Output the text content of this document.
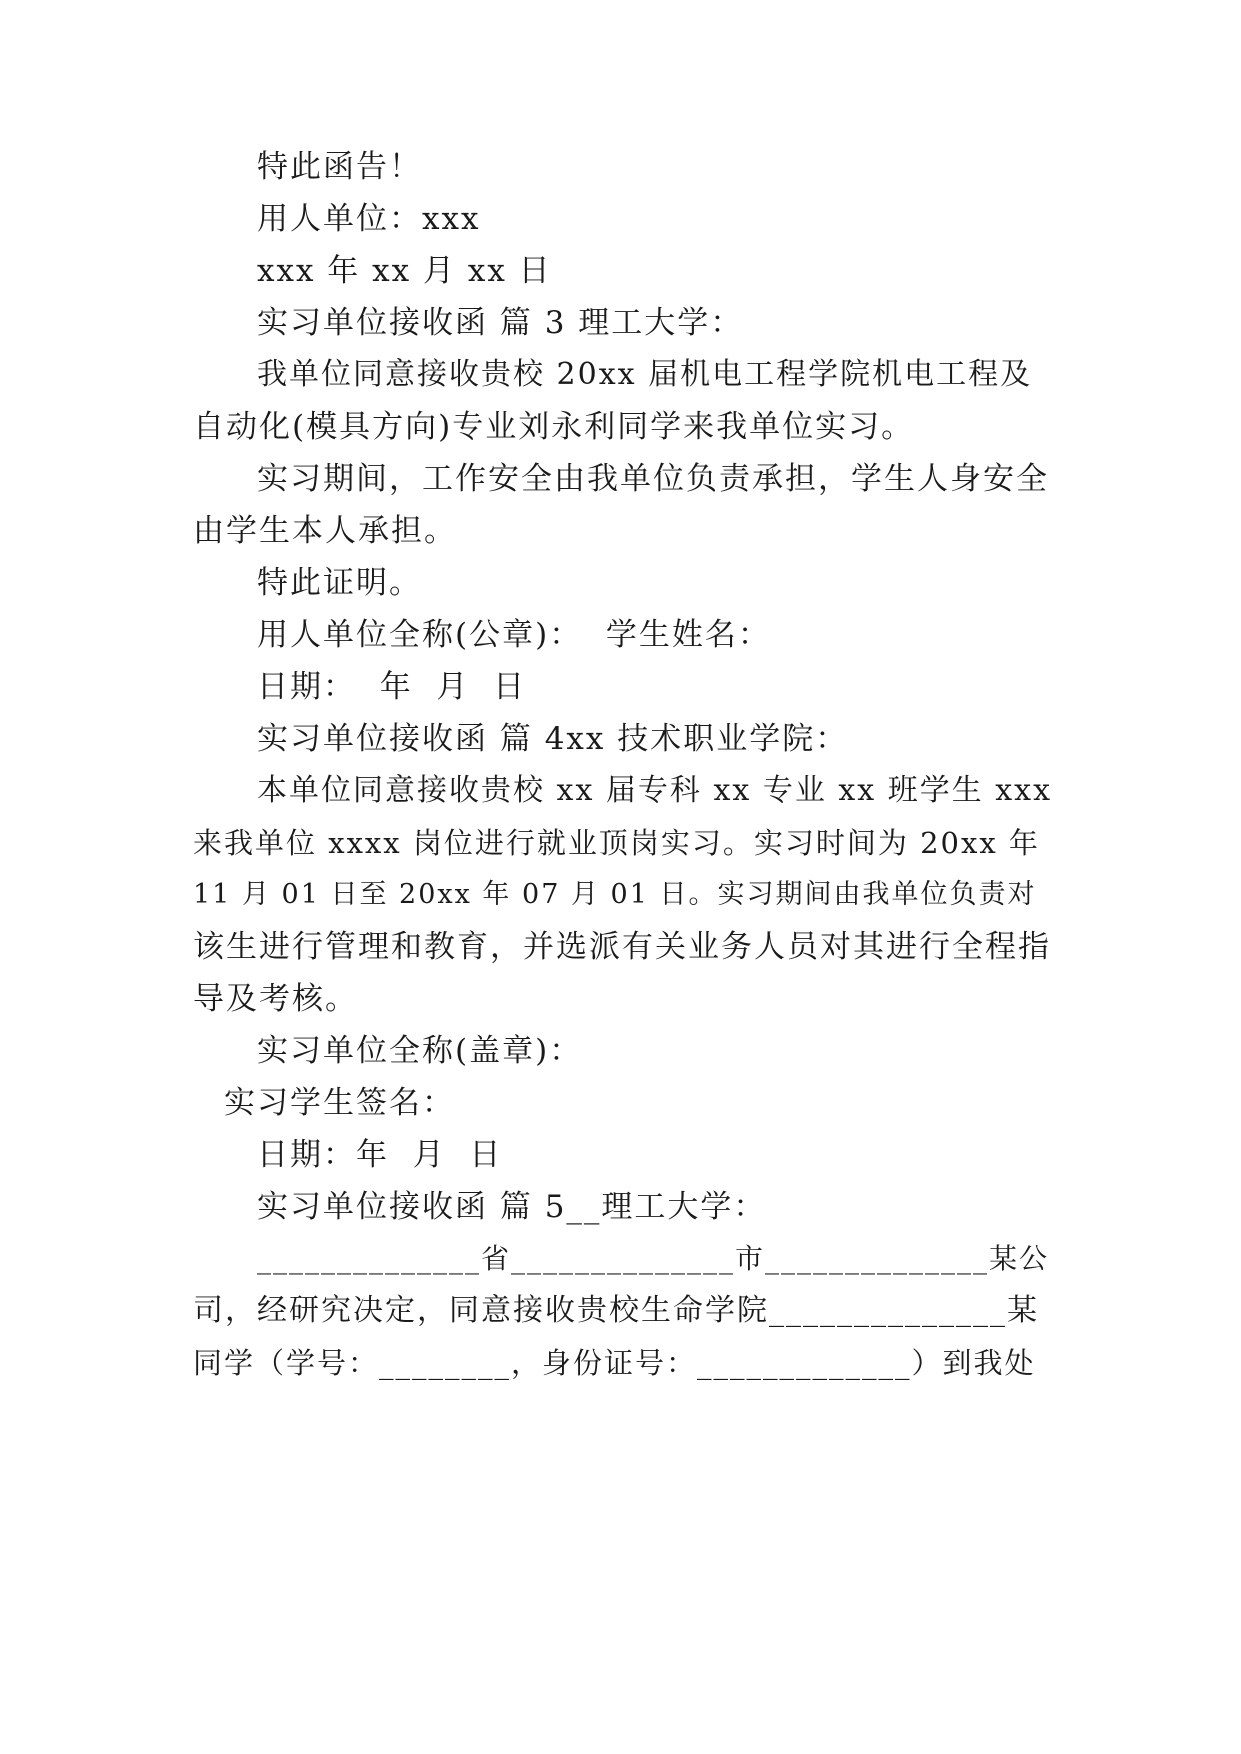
特此函告！
用人单位：xxx
xxx 年 xx 月 xx 日
实习单位接收函 篇 3 理工大学：
我单位同意接收贵校 20xx 届机电工程学院机电工程及
自动化(模具方向)专业刘永利同学来我单位实习。
实习期间，工作安全由我单位负责承担，学生人身安全
由学生本人承担。
特此证明。
用人单位全称(公章)：  学生姓名：
日期：  年  月  日
实习单位接收函 篇 4xx 技术职业学院：
本单位同意接收贵校 xx 届专科 xx 专业 xx 班学生 xxx
来我单位 xxxx 岗位进行就业顶岗实习。实习时间为 20xx 年
11 月 01 日至 20xx 年 07 月 01 日。实习期间由我单位负责对
该生进行管理和教育，并选派有关业务人员对其进行全程指
导及考核。
实习单位全称(盖章)：
实习学生签名：
日期：年  月  日
实习单位接收函 篇 5__理工大学：
______________省______________市______________某公
司，经研究决定，同意接收贵校生命学院______________某
同学（学号：________，身份证号：_____________）到我处
